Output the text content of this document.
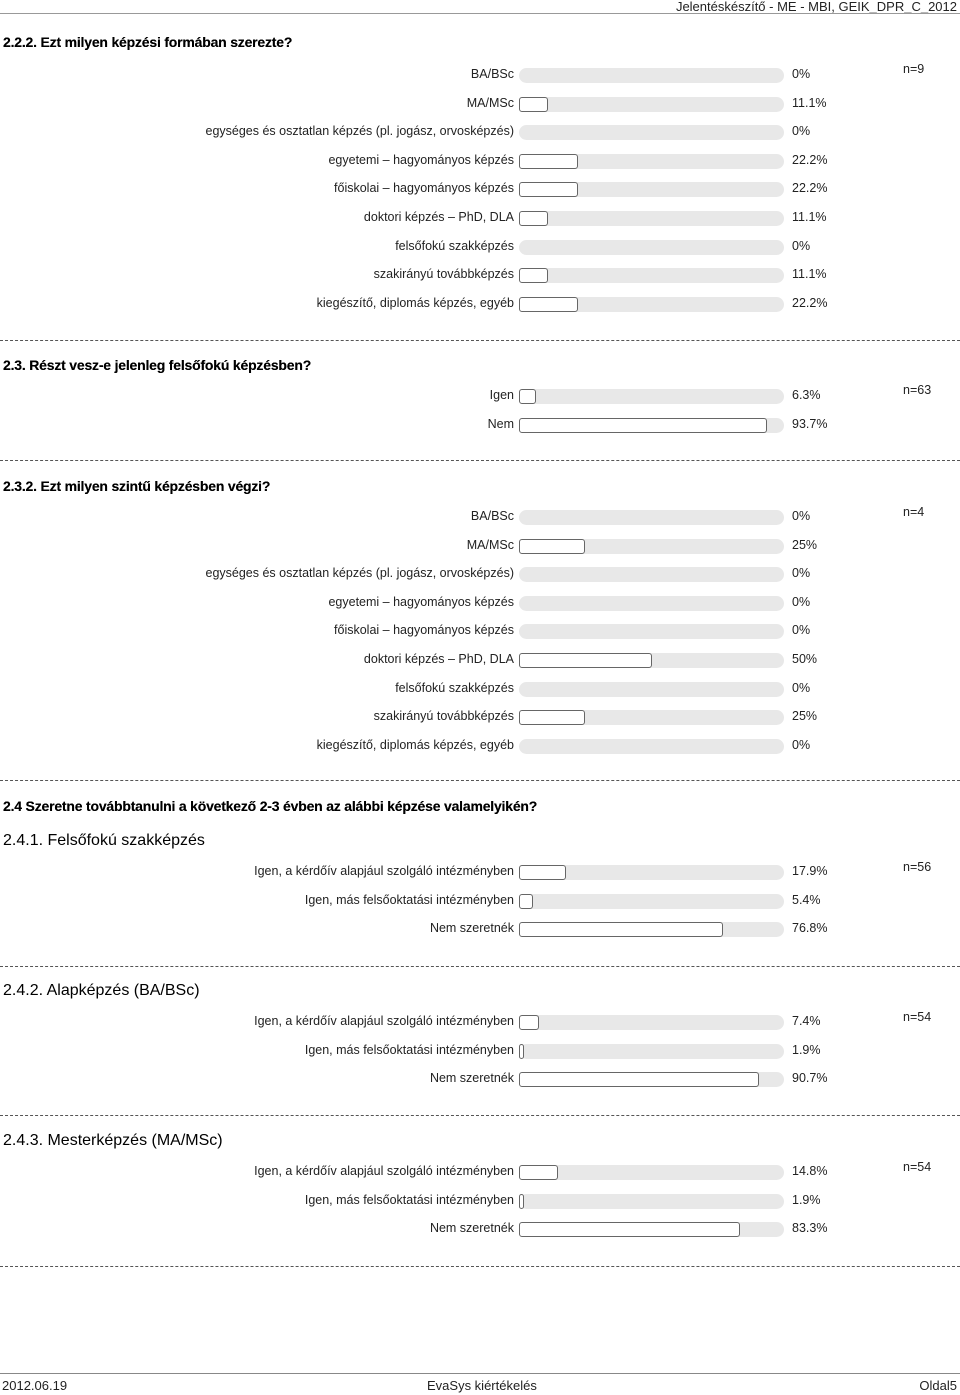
Jelentéskészítő - ME - MBI, GEIK_DPR_C_2012
2.2.2. Ezt milyen képzési formában szerezte?
n=9
BA/BSc	0%
MA/MSc	11.1%
egységes és osztatlan képzés (pl. jogász, orvosképzés)	0%
egyetemi – hagyományos képzés	22.2%
főiskolai – hagyományos képzés	22.2%
doktori képzés – PhD, DLA	11.1%
felsőfokú szakképzés	0%
szakirányú továbbképzés	11.1%
kiegészítő, diplomás képzés, egyéb	22.2%
2.3. Részt vesz-e jelenleg felsőfokú képzésben?
n=63
Igen	6.3%
Nem	93.7%
2.3.2. Ezt milyen szintű képzésben végzi?
n=4
BA/BSc	0%
MA/MSc	25%
egységes és osztatlan képzés (pl. jogász, orvosképzés)	0%
egyetemi – hagyományos képzés	0%
főiskolai – hagyományos képzés	0%
doktori képzés – PhD, DLA	50%
felsőfokú szakképzés	0%
szakirányú továbbképzés	25%
kiegészítő, diplomás képzés, egyéb	0%
2.4 Szeretne továbbtanulni a következő 2-3 évben az alábbi képzése valamelyikén?
2.4.1. Felsőfokú szakképzés
n=56
Igen, a kérdőív alapjául szolgáló intézményben	17.9%
Igen, más felsőoktatási intézményben	5.4%
Nem szeretnék	76.8%
2.4.2. Alapképzés (BA/BSc)
n=54
Igen, a kérdőív alapjául szolgáló intézményben	7.4%
Igen, más felsőoktatási intézményben	1.9%
Nem szeretnék	90.7%
2.4.3. Mesterképzés (MA/MSc)
n=54
Igen, a kérdőív alapjául szolgáló intézményben	14.8%
Igen, más felsőoktatási intézményben	1.9%
Nem szeretnék	83.3%
2012.06.19	EvaSys kiértékelés	Oldal5
